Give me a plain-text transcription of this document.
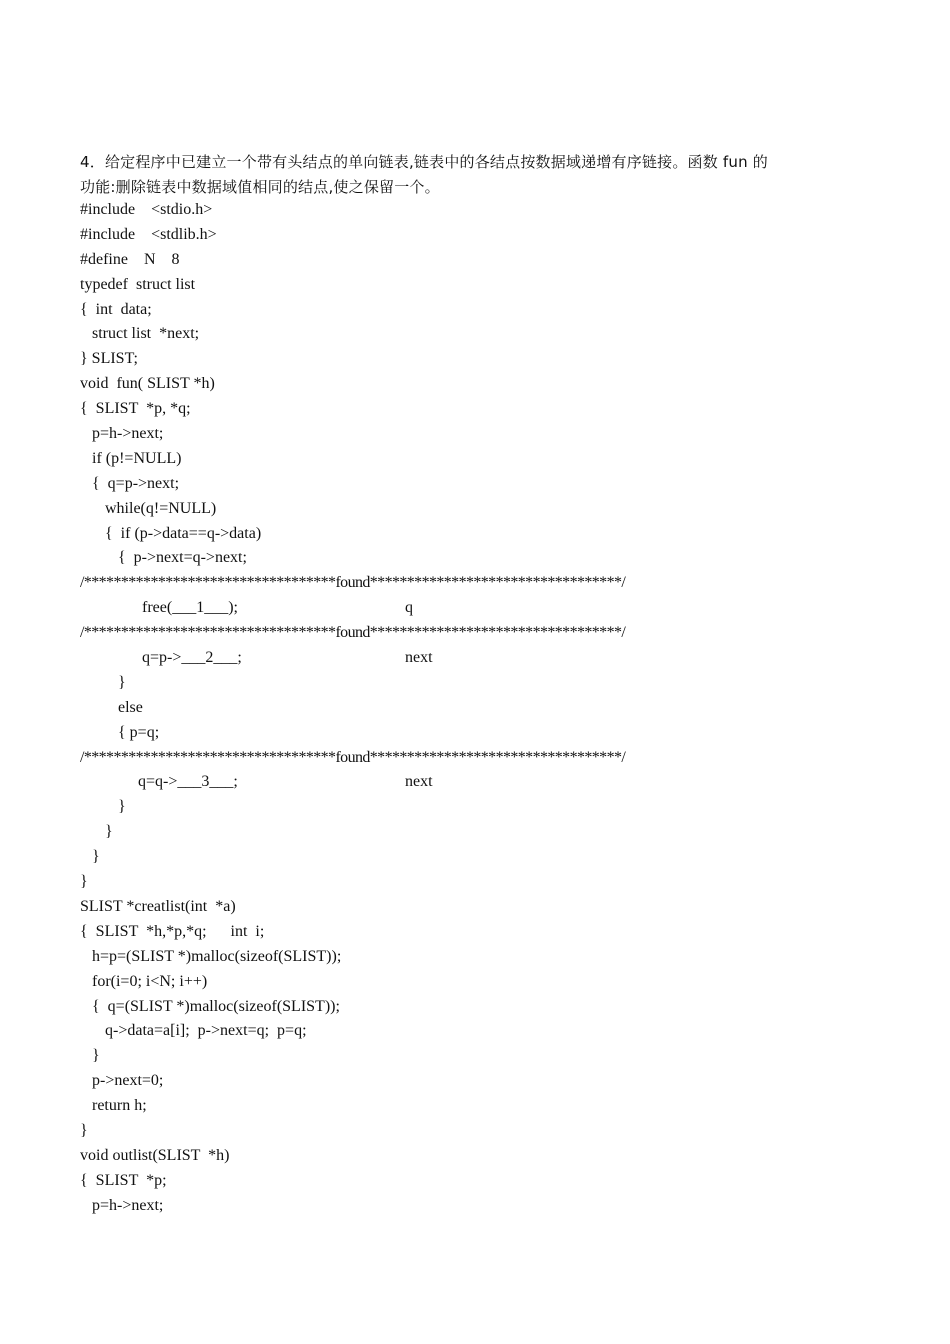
4．给定程序中已建立一个带有头结点的单向链表,链表中的各结点按数据域递增有序链接。函数 fun 的
功能:删除链表中数据域值相同的结点,使之保留一个。
#include    <stdio.h>
#include    <stdlib.h>
#define    N    8
typedef  struct list
{  int  data;
struct list  *next;
} SLIST;
void  fun( SLIST *h)
{  SLIST  *p, *q;
p=h->next;
if (p!=NULL)
{  q=p->next;
while(q!=NULL)
{  if (p->data==q->data)
{  p->next=q->next;
/**********************************found**********************************/
free(___1___);	q
/**********************************found**********************************/
q=p->___2___;	next
}
else
{ p=q;
/**********************************found**********************************/
q=q->___3___;	next
}
}
}
}
SLIST *creatlist(int  *a)
{  SLIST  *h,*p,*q;      int  i;
h=p=(SLIST *)malloc(sizeof(SLIST));
for(i=0; i<N; i++)
{  q=(SLIST *)malloc(sizeof(SLIST));
q->data=a[i];  p->next=q;  p=q;
}
p->next=0;
return h;
}
void outlist(SLIST  *h)
{  SLIST  *p;
p=h->next;
